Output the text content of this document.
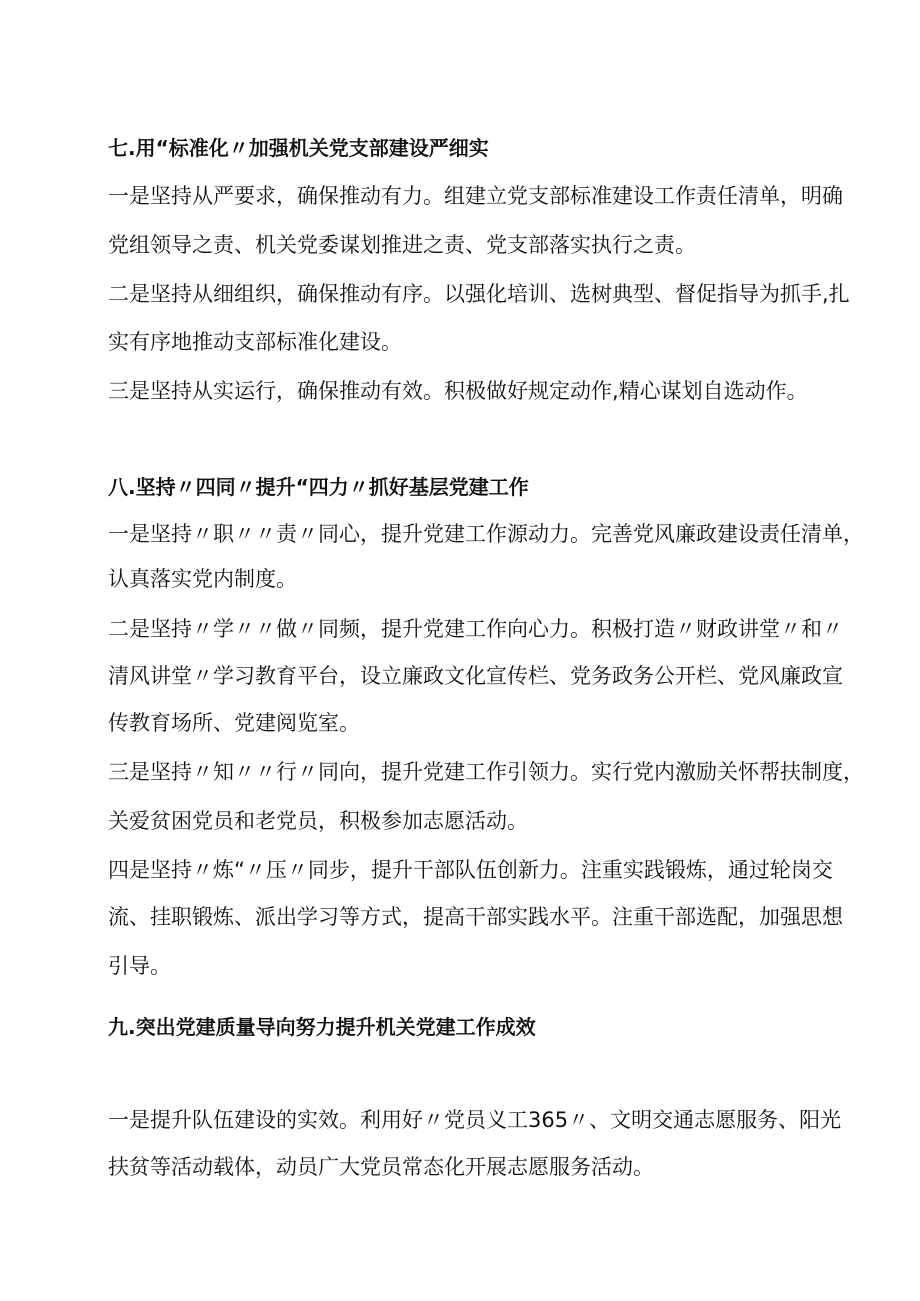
七.用“标准化〃加强机关党支部建设严细实
一是坚持从严要求，确保推动有力。组建立党支部标准建设工作责任清单，明确
党组领导之责、机关党委谋划推进之责、党支部落实执行之责。
二是坚持从细组织，确保推动有序。以强化培训、选树典型、督促指导为抓手,扎
实有序地推动支部标准化建设。
三是坚持从实运行，确保推动有效。积极做好规定动作,精心谋划自选动作。
八.坚持〃四同〃提升“四力〃抓好基层党建工作
一是坚持〃职〃〃责〃同心，提升党建工作源动力。完善党风廉政建设责任清单，
认真落实党内制度。
二是坚持〃学〃〃做〃同频，提升党建工作向心力。积极打造〃财政讲堂〃和〃
清风讲堂〃学习教育平台，设立廉政文化宣传栏、党务政务公开栏、党风廉政宣
传教育场所、党建阅览室。
三是坚持〃知〃〃行〃同向，提升党建工作引领力。实行党内激励关怀帮扶制度，
关爱贫困党员和老党员，积极参加志愿活动。
四是坚持〃炼“〃压〃同步，提升干部队伍创新力。注重实践锻炼，通过轮岗交
流、挂职锻炼、派出学习等方式，提高干部实践水平。注重干部选配，加强思想
引导。
九.突出党建质量导向努力提升机关党建工作成效
一是提升队伍建设的实效。利用好〃党员义工365〃、文明交通志愿服务、阳光
扶贫等活动载体，动员广大党员常态化开展志愿服务活动。
